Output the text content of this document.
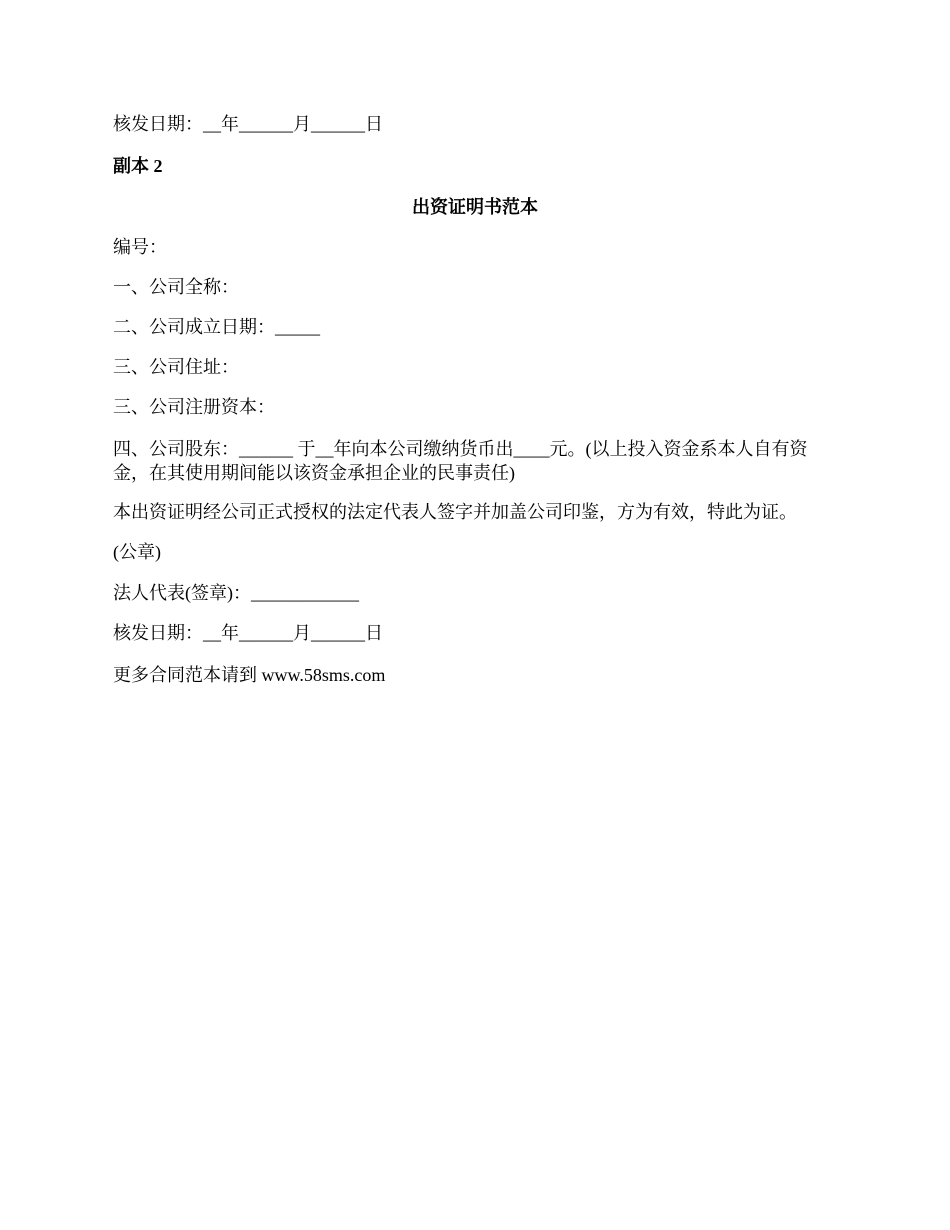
核发日期：__年______月______日
副本 2
出资证明书范本
编号：
一、公司全称：
二、公司成立日期：_____
三、公司住址：
三、公司注册资本：
四、公司股东：______ 于__年向本公司缴纳货币出____元。(以上投入资金系本人自有资金，在其使用期间能以该资金承担企业的民事责任)
本出资证明经公司正式授权的法定代表人签字并加盖公司印鉴，方为有效，特此为证。
(公章)
法人代表(签章)：____________
核发日期：__年______月______日
更多合同范本请到 www.58sms.com
